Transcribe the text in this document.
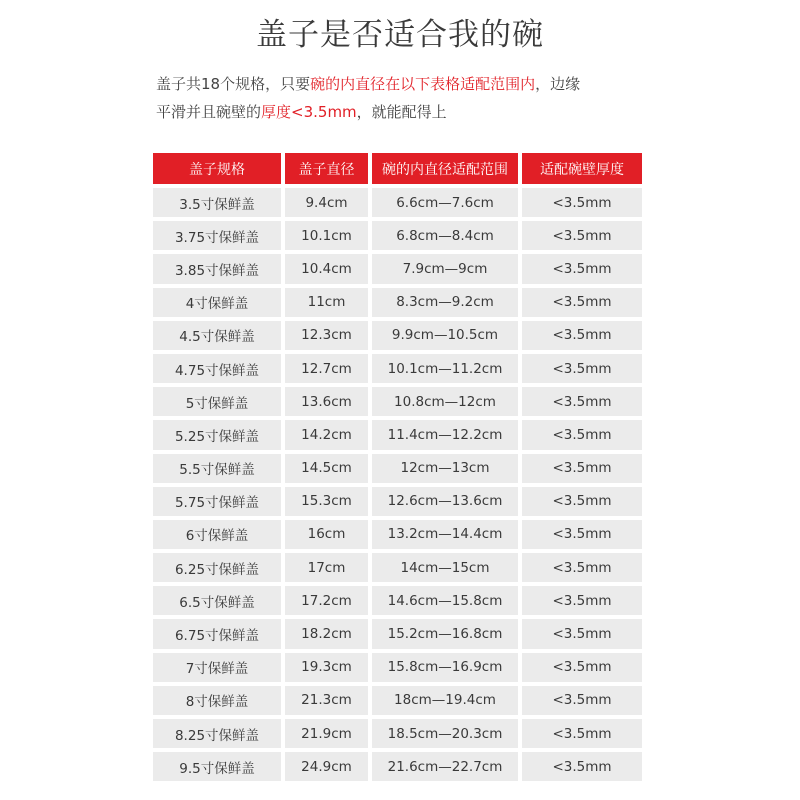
盖子是否适合我的碗
盖子共18个规格，只要碗的内直径在以下表格适配范围内，边缘
平滑并且碗壁的厚度<3.5mm，就能配得上
盖子规格	盖子直径	碗的内直径适配范围	适配碗壁厚度
3.5寸保鲜盖	9.4cm	6.6cm—7.6cm	<3.5mm
3.75寸保鲜盖	10.1cm	6.8cm—8.4cm	<3.5mm
3.85寸保鲜盖	10.4cm	7.9cm—9cm	<3.5mm
4寸保鲜盖	11cm	8.3cm—9.2cm	<3.5mm
4.5寸保鲜盖	12.3cm	9.9cm—10.5cm	<3.5mm
4.75寸保鲜盖	12.7cm	10.1cm—11.2cm	<3.5mm
5寸保鲜盖	13.6cm	10.8cm—12cm	<3.5mm
5.25寸保鲜盖	14.2cm	11.4cm—12.2cm	<3.5mm
5.5寸保鲜盖	14.5cm	12cm—13cm	<3.5mm
5.75寸保鲜盖	15.3cm	12.6cm—13.6cm	<3.5mm
6寸保鲜盖	16cm	13.2cm—14.4cm	<3.5mm
6.25寸保鲜盖	17cm	14cm—15cm	<3.5mm
6.5寸保鲜盖	17.2cm	14.6cm—15.8cm	<3.5mm
6.75寸保鲜盖	18.2cm	15.2cm—16.8cm	<3.5mm
7寸保鲜盖	19.3cm	15.8cm—16.9cm	<3.5mm
8寸保鲜盖	21.3cm	18cm—19.4cm	<3.5mm
8.25寸保鲜盖	21.9cm	18.5cm—20.3cm	<3.5mm
9.5寸保鲜盖	24.9cm	21.6cm—22.7cm	<3.5mm
